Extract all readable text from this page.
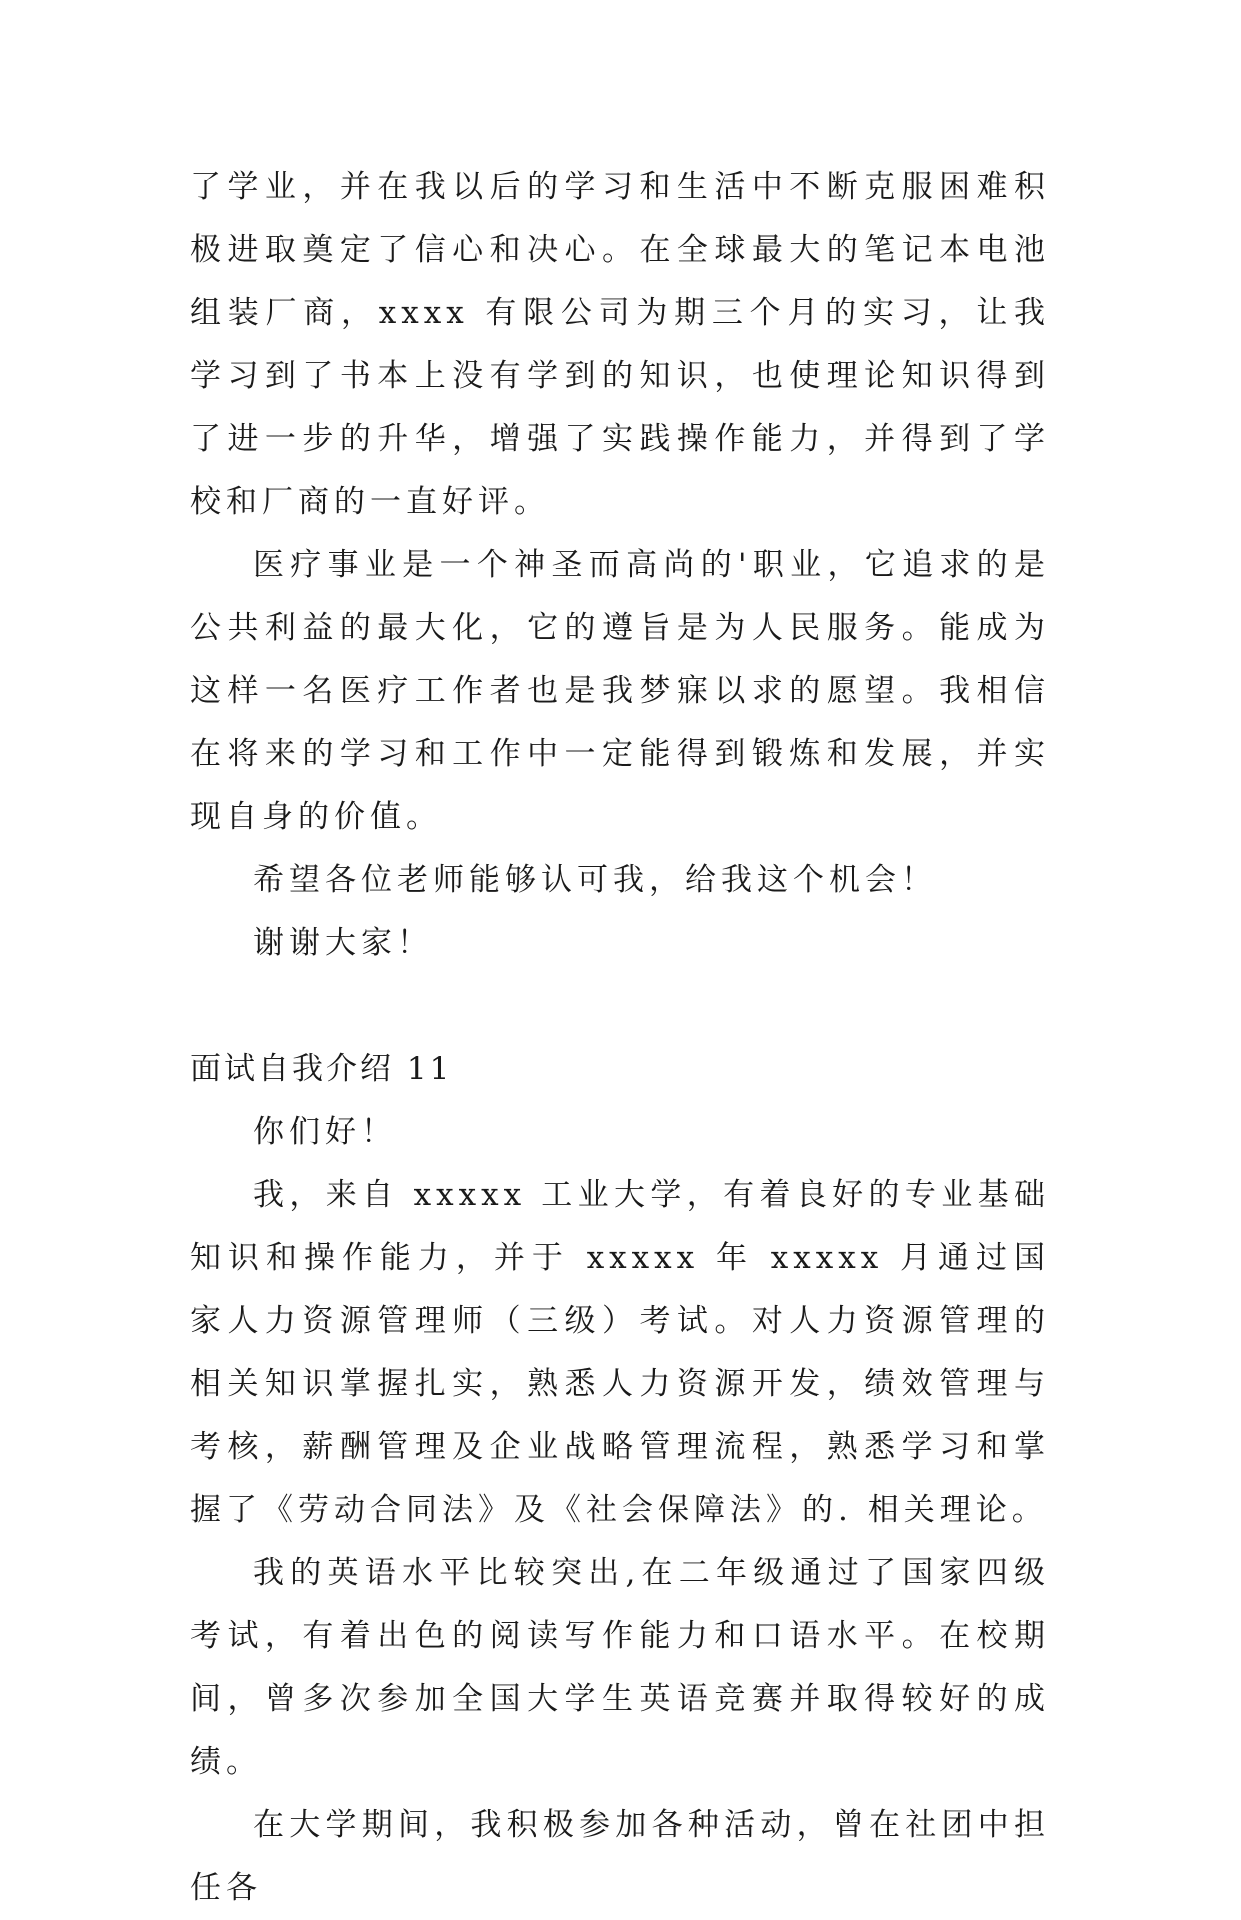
了学业，并在我以后的学习和生活中不断克服困难积极进取奠定了信心和决心。在全球最大的笔记本电池组装厂商，xxxx 有限公司为期三个月的实习，让我学习到了书本上没有学到的知识，也使理论知识得到了进一步的升华，增强了实践操作能力，并得到了学校和厂商的一直好评。

医疗事业是一个神圣而高尚的'职业，它追求的是公共利益的最大化，它的遵旨是为人民服务。能成为这样一名医疗工作者也是我梦寐以求的愿望。我相信在将来的学习和工作中一定能得到锻炼和发展，并实现自身的价值。

希望各位老师能够认可我，给我这个机会！

谢谢大家！

面试自我介绍 11

你们好！

我，来自 xxxxx 工业大学，有着良好的专业基础知识和操作能力，并于 xxxxx 年 xxxxx 月通过国家人力资源管理师（三级）考试。对人力资源管理的相关知识掌握扎实，熟悉人力资源开发，绩效管理与考核，薪酬管理及企业战略管理流程，熟悉学习和掌握了《劳动合同法》及《社会保障法》的. 相关理论。

我的英语水平比较突出,在二年级通过了国家四级考试，有着出色的阅读写作能力和口语水平。在校期间，曾多次参加全国大学生英语竞赛并取得较好的成绩。

在大学期间，我积极参加各种活动，曾在社团中担任各
